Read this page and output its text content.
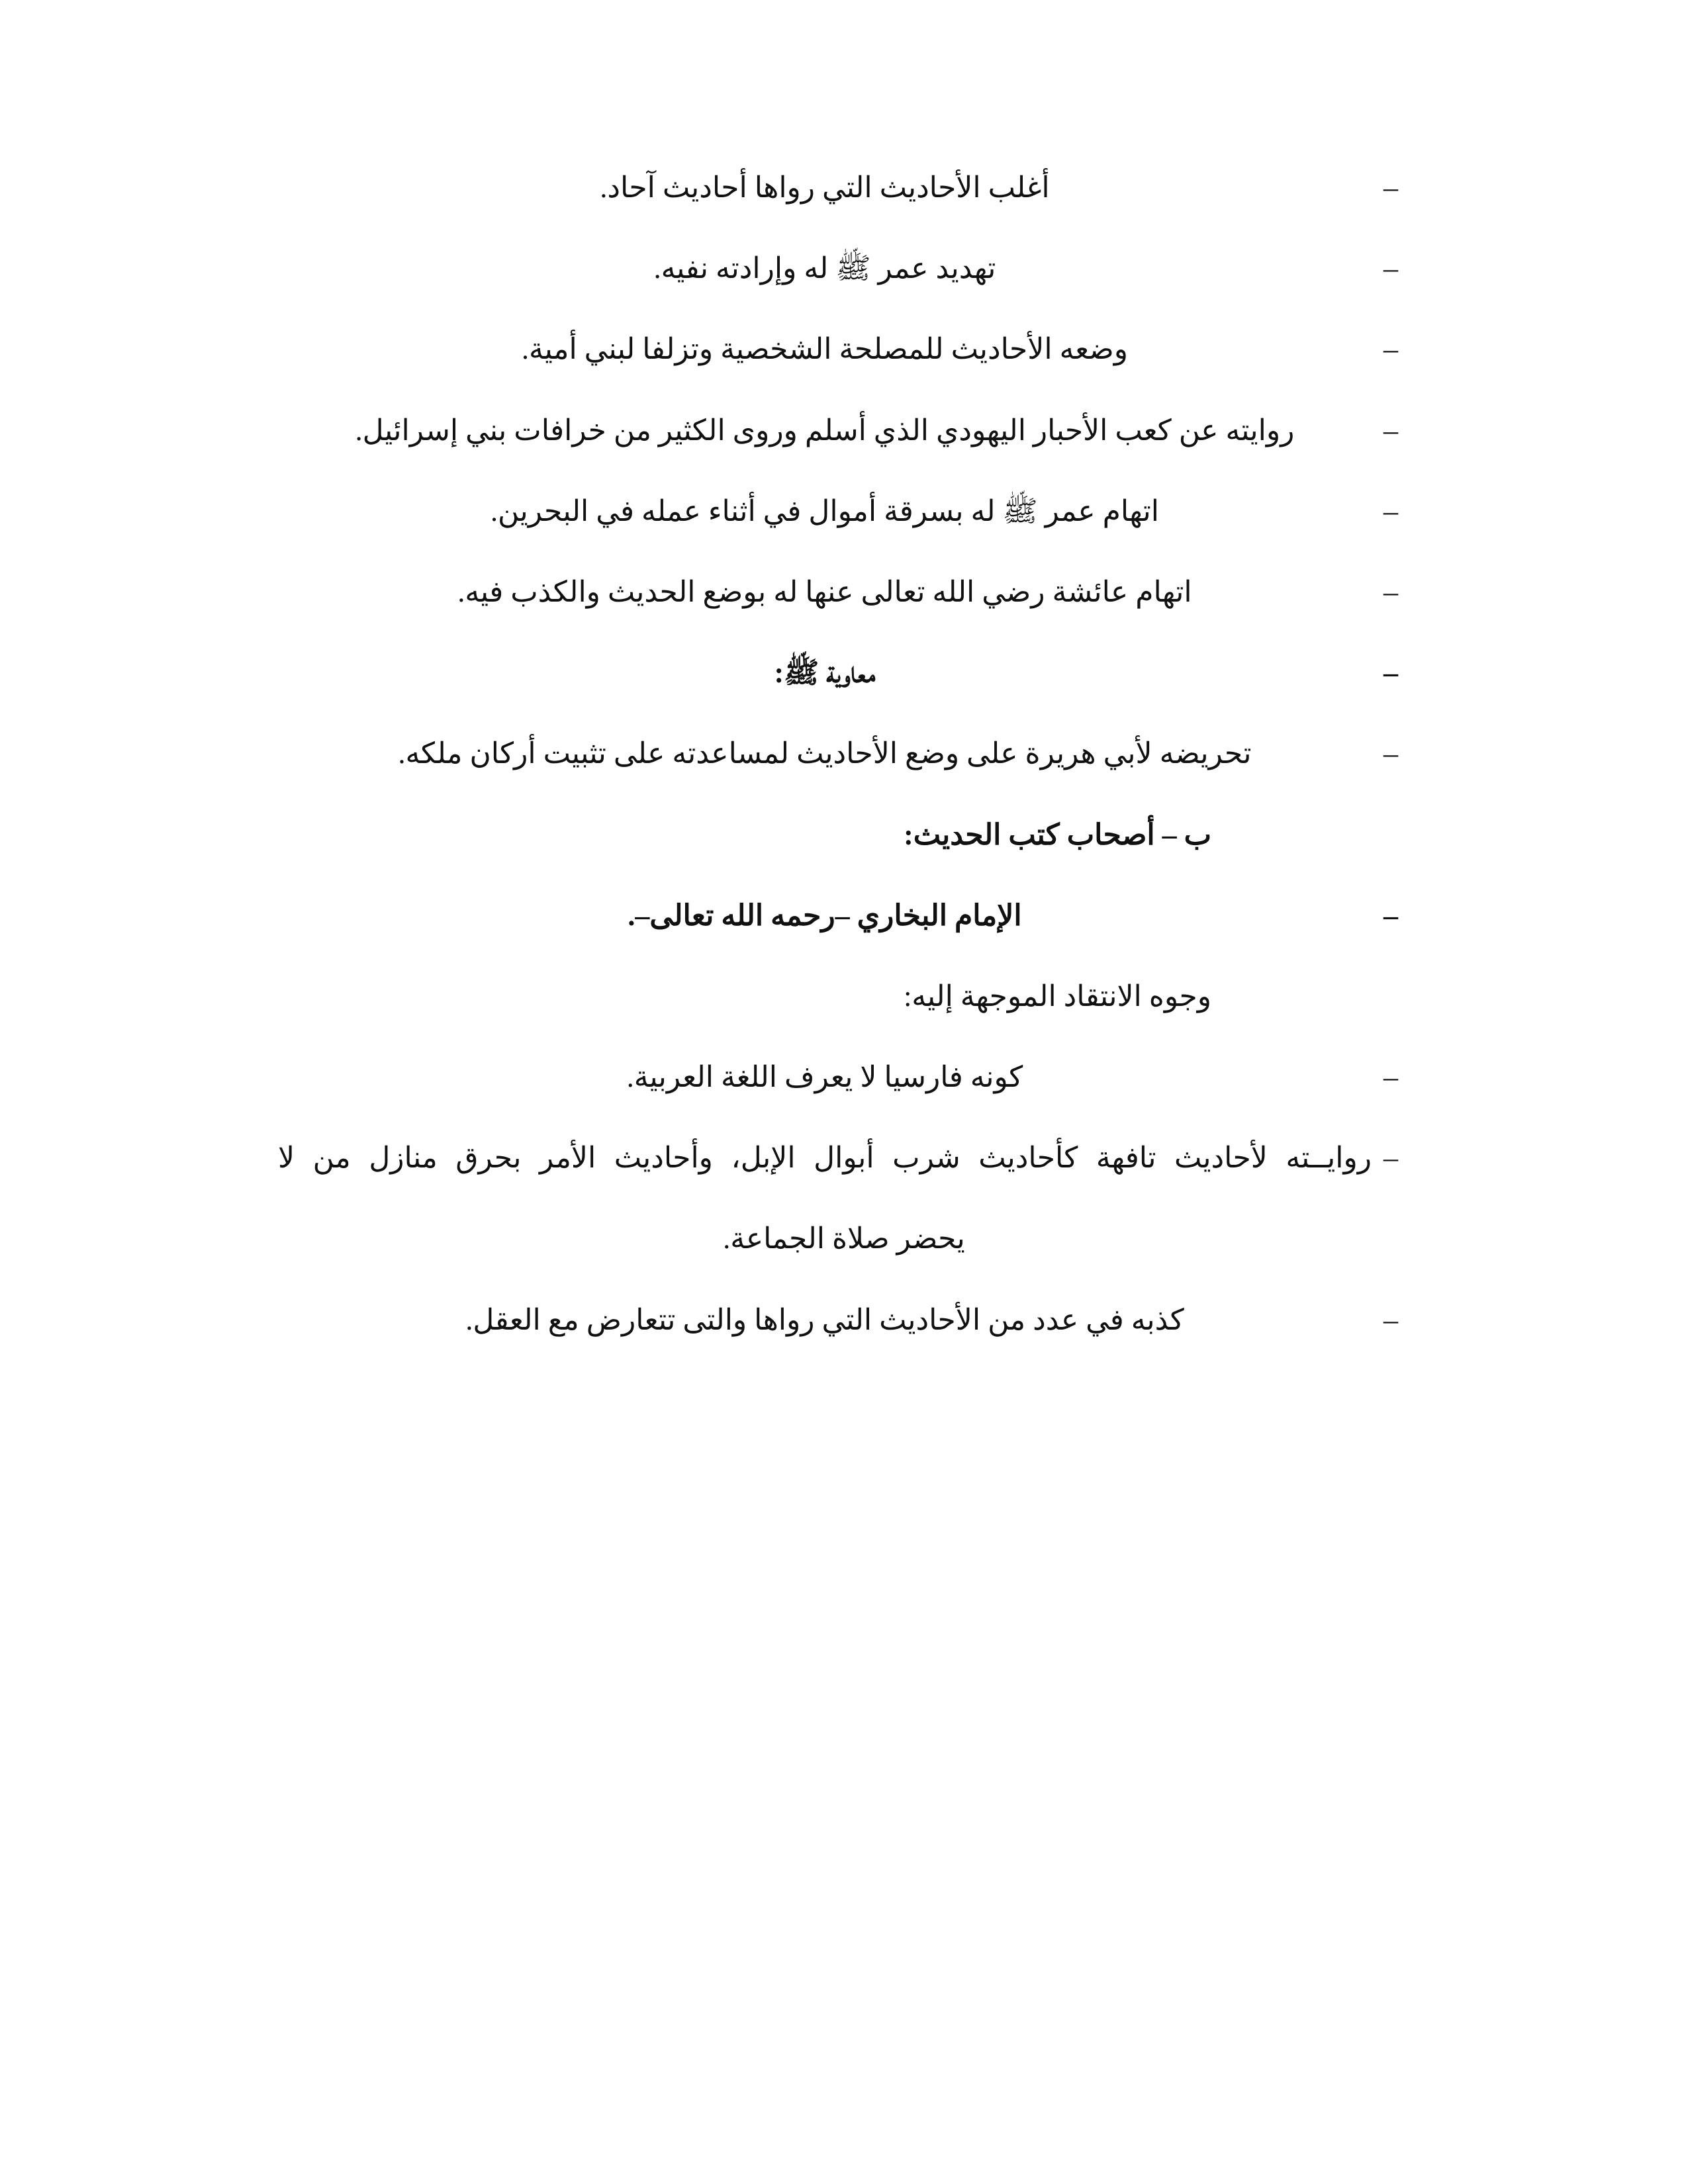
–
أغلب الأحاديث التي رواها أحاديث آحاد.
–
تهديد عمر ﷺ له وإرادته نفيه.
–
وضعه الأحاديث للمصلحة الشخصية وتزلفا لبني أمية.
–
روايته عن كعب الأحبار اليهودي الذي أسلم وروى الكثير من خرافات بني إسرائيل.
–
اتهام عمر ﷺ له بسرقة أموال في أثناء عمله في البحرين.
–
اتهام عائشة رضي الله تعالى عنها له بوضع الحديث والكذب فيه.
–
معاوية ﷺ:
–
تحريضه لأبي هريرة على وضع الأحاديث لمساعدته على تثبيت أركان ملكه.
ب – أصحاب كتب الحديث:
–
الإمام البخاري –رحمه الله تعالى–.
وجوه الانتقاد الموجهة إليه:
–
كونه فارسيا لا يعرف اللغة العربية.
–
روايــته لأحاديث تافهة كأحاديث شرب أبوال الإبل، وأحاديث الأمر بحرق منازل من لا
يحضر صلاة الجماعة.
–
كذبه في عدد من الأحاديث التي رواها والتى تتعارض مع العقل.
